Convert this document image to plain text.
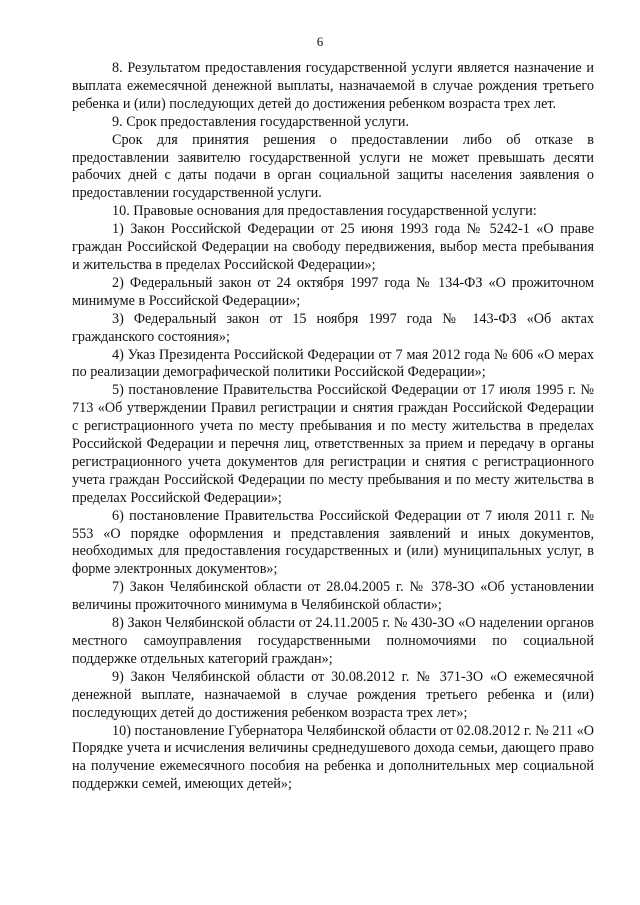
6

8. Результатом предоставления государственной услуги является назначение и выплата ежемесячной денежной выплаты, назначаемой в случае рождения третьего ребенка и (или) последующих детей до достижения ребенком возраста трех лет.

9. Срок предоставления государственной услуги.

Срок для принятия решения о предоставлении либо об отказе в предоставлении заявителю государственной услуги не может превышать десяти рабочих дней с даты подачи в орган социальной защиты населения заявления о предоставлении государственной услуги.

10. Правовые основания для предоставления государственной услуги:

1) Закон Российской Федерации от 25 июня 1993 года № 5242-1 «О праве граждан Российской Федерации на свободу передвижения, выбор места пребывания и жительства в пределах Российской Федерации»;

2) Федеральный закон от 24 октября 1997 года № 134-ФЗ «О прожиточном минимуме в Российской Федерации»;

3) Федеральный закон от 15 ноября 1997 года № 143-ФЗ «Об актах гражданского состояния»;

4) Указ Президента Российской Федерации от 7 мая 2012 года № 606 «О мерах по реализации демографической политики Российской Федерации»;

5) постановление Правительства Российской Федерации от 17 июля 1995 г. № 713 «Об утверждении Правил регистрации и снятия граждан Российской Федерации с регистрационного учета по месту пребывания и по месту жительства в пределах Российской Федерации и перечня лиц, ответственных за прием и передачу в органы регистрационного учета документов для регистрации и снятия с регистрационного учета граждан Российской Федерации по месту пребывания и по месту жительства в пределах Российской Федерации»;

6) постановление Правительства Российской Федерации от 7 июля 2011 г. № 553 «О порядке оформления и представления заявлений и иных документов, необходимых для предоставления государственных и (или) муниципальных услуг, в форме электронных документов»;

7) Закон Челябинской области от 28.04.2005 г. № 378-ЗО «Об установлении величины прожиточного минимума в Челябинской области»;

8) Закон Челябинской области от 24.11.2005 г. № 430-ЗО «О наделении органов местного самоуправления государственными полномочиями по социальной поддержке отдельных категорий граждан»;

9) Закон Челябинской области от 30.08.2012 г. № 371-ЗО «О ежемесячной денежной выплате, назначаемой в случае рождения третьего ребенка и (или) последующих детей до достижения ребенком возраста трех лет»;

10) постановление Губернатора Челябинской области от 02.08.2012 г. № 211 «О Порядке учета и исчисления величины среднедушевого дохода семьи, дающего право на получение ежемесячного пособия на ребенка и дополнительных мер социальной поддержки семей, имеющих детей»;
